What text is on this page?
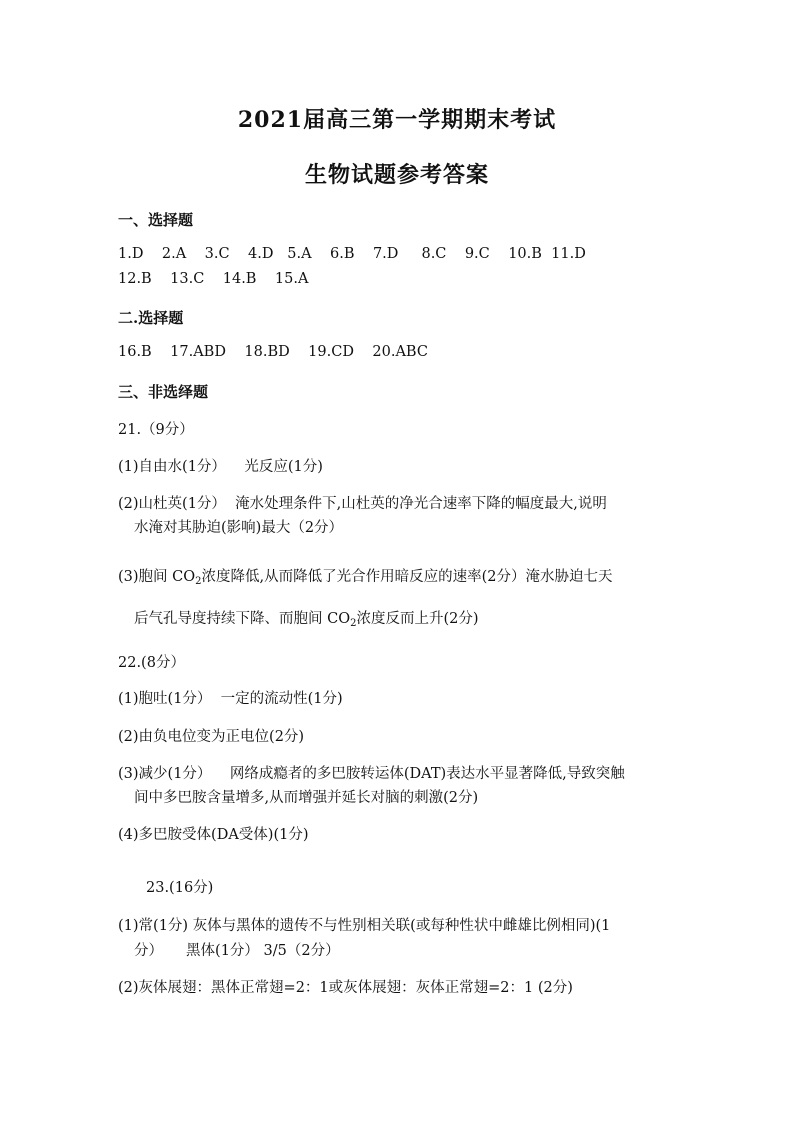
2021届高三第一学期期末考试
生物试题参考答案
一、选择题
1.D    2.A    3.C    4.D   5.A    6.B    7.D     8.C    9.C    10.B  11.D
12.B    13.C    14.B    15.A
二.选择题
16.B    17.ABD    18.BD    19.CD    20.ABC
三、非选绎题
21.（9分）
(1)自由水(1分）    光反应(1分)
(2)山杜英(1分）  淹水处理条件下,山杜英的净光合速率下降的幅度最大,说明
水淹对其胁迫(影响)最大（2分）
(3)胞间 $CO_2$浓度降低,从而降低了光合作用暗反应的速率(2分）淹水胁迫七天
后气孔导度持续下降、而胞间 $CO_2$浓度反而上升(2分)
22.(8分）
(1)胞吐(1分）  一定的流动性(1分)
(2)由负电位变为正电位(2分)
(3)减少(1分）    网络成瘾者的多巴胺转运体(DAT)表达水平显著降低,导致突触
间中多巴胺含量增多,从而增强并延长对脑的刺激(2分)
(4)多巴胺受体(DA受体)(1分)
23.(16分)
(1)常(1分) 灰体与黑体的遗传不与性别相关联(或每种性状中雌雄比例相同)(1
分）     黑体(1分） 3/5（2分）
(2)灰体展翅：黑体正常翅=2：1或灰体展翅：灰体正常翅=2：1 (2分)
